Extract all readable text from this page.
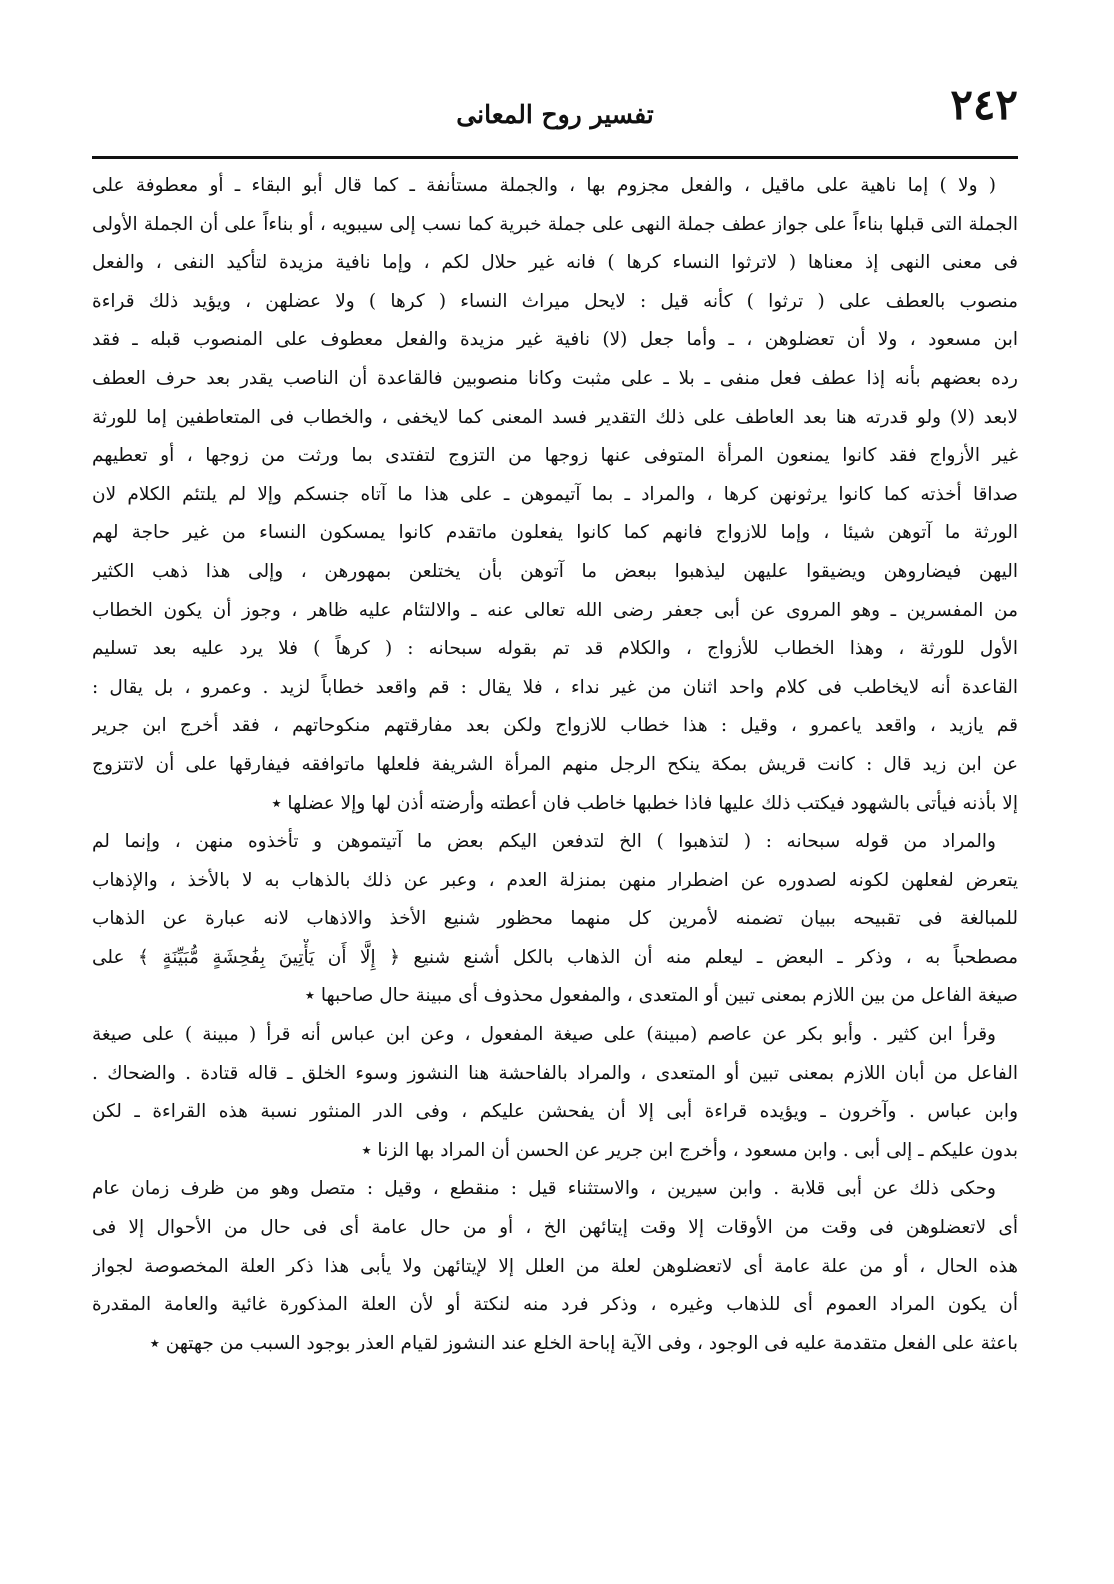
٢٤٢
تفسير روح المعانى
( ولا ) إما ناهية على ماقيل ، والفعل مجزوم بها ، والجملة مستأنفة ـ كما قال أبو البقاء ـ أو معطوفة على
الجملة التى قبلها بناءاً على جواز عطف جملة النهى على جملة خبرية كما نسب إلى سيبويه ، أو بناءاً على أن الجملة الأولى
فى معنى النهى إذ معناها ( لاترثوا النساء كرها ) فانه غير حلال لكم ، وإما نافية مزيدة لتأكيد النفى ، والفعل
منصوب بالعطف على ( ترثوا ) كأنه قيل : لايحل ميراث النساء ( كرها ) ولا عضلهن ، ويؤيد ذلك قراءة
ابن مسعود ، ولا أن تعضلوهن ، ـ وأما جعل (لا) نافية غير مزيدة والفعل معطوف على المنصوب قبله ـ فقد
رده بعضهم بأنه إذا عطف فعل منفى ـ بلا ـ على مثبت وكانا منصوبين فالقاعدة أن الناصب يقدر بعد حرف العطف
لابعد (لا) ولو قدرته هنا بعد العاطف على ذلك التقدير فسد المعنى كما لايخفى ، والخطاب فى المتعاطفين إما للورثة
غير الأزواج فقد كانوا يمنعون المرأة المتوفى عنها زوجها من التزوج لتفتدى بما ورثت من زوجها ، أو تعطيهم
صداقا أخذته كما كانوا يرثونهن كرها ، والمراد ـ بما آتيموهن ـ على هذا ما آتاه جنسكم وإلا لم يلتئم الكلام لان
الورثة ما آتوهن شيئا ، وإما للازواج فانهم كما كانوا يفعلون ماتقدم كانوا يمسكون النساء من غير حاجة لهم
اليهن فيضاروهن ويضيقوا عليهن ليذهبوا ببعض ما آتوهن بأن يختلعن بمهورهن ، وإلى هذا ذهب الكثير
من المفسرين ـ وهو المروى عن أبى جعفر رضى الله تعالى عنه ـ والالتئام عليه ظاهر ، وجوز أن يكون الخطاب
الأول للورثة ، وهذا الخطاب للأزواج ، والكلام قد تم بقوله سبحانه : ( كرهاً ) فلا يرد عليه بعد تسليم
القاعدة أنه لايخاطب فى كلام واحد اثنان من غير نداء ، فلا يقال : قم واقعد خطاباً لزيد . وعمرو ، بل يقال :
قم يازيد ، واقعد ياعمرو ، وقيل : هذا خطاب للازواج ولكن بعد مفارقتهم منكوحاتهم ، فقد أخرج ابن جرير
عن ابن زيد قال : كانت قريش بمكة ينكح الرجل منهم المرأة الشريفة فلعلها ماتوافقه فيفارقها على أن لاتتزوج
إلا بأذنه فيأتى بالشهود فيكتب ذلك عليها فاذا خطبها خاطب فان أعطته وأرضته أذن لها وإلا عضلها ٭
والمراد من قوله سبحانه : ( لتذهبوا ) الخ لتدفعن اليكم بعض ما آتيتموهن و تأخذوه منهن ، وإنما لم
يتعرض لفعلهن لكونه لصدوره عن اضطرار منهن بمنزلة العدم ، وعبر عن ذلك بالذهاب به لا بالأخذ ، والإذهاب
للمبالغة فى تقبيحه ببيان تضمنه لأمرين كل منهما محظور شنيع الأخذ والاذهاب لانه عبارة عن الذهاب
مصطحباً به ، وذكر ـ البعض ـ ليعلم منه أن الذهاب بالكل أشنع شنيع ﴿ إِلَّا أَن يَأْتِينَ بِفَٰحِشَةٍ مُّبَيِّنَةٍ ﴾ على
صيغة الفاعل من بين اللازم بمعنى تبين أو المتعدى ، والمفعول محذوف أى مبينة حال صاحبها ٭
وقرأ ابن كثير . وأبو بكر عن عاصم (مبينة) على صيغة المفعول ، وعن ابن عباس أنه قرأ ( مبينة ) على صيغة
الفاعل من أبان اللازم بمعنى تبين أو المتعدى ، والمراد بالفاحشة هنا النشوز وسوء الخلق ـ قاله قتادة . والضحاك .
وابن عباس . وآخرون ـ ويؤيده قراءة أبى إلا أن يفحشن عليكم ، وفى الدر المنثور نسبة هذه القراءة ـ لكن
بدون عليكم ـ إلى أبى . وابن مسعود ، وأخرج ابن جرير عن الحسن أن المراد بها الزنا ٭
وحكى ذلك عن أبى قلابة . وابن سيرين ، والاستثناء قيل : منقطع ، وقيل : متصل وهو من ظرف زمان عام
أى لاتعضلوهن فى وقت من الأوقات إلا وقت إيتائهن الخ ، أو من حال عامة أى فى حال من الأحوال إلا فى
هذه الحال ، أو من علة عامة أى لاتعضلوهن لعلة من العلل إلا لإيتائهن ولا يأبى هذا ذكر العلة المخصوصة لجواز
أن يكون المراد العموم أى للذهاب وغيره ، وذكر فرد منه لنكتة أو لأن العلة المذكورة غائية والعامة المقدرة
باعثة على الفعل متقدمة عليه فى الوجود ، وفى الآية إباحة الخلع عند النشوز لقيام العذر بوجود السبب من جهتهن ٭
